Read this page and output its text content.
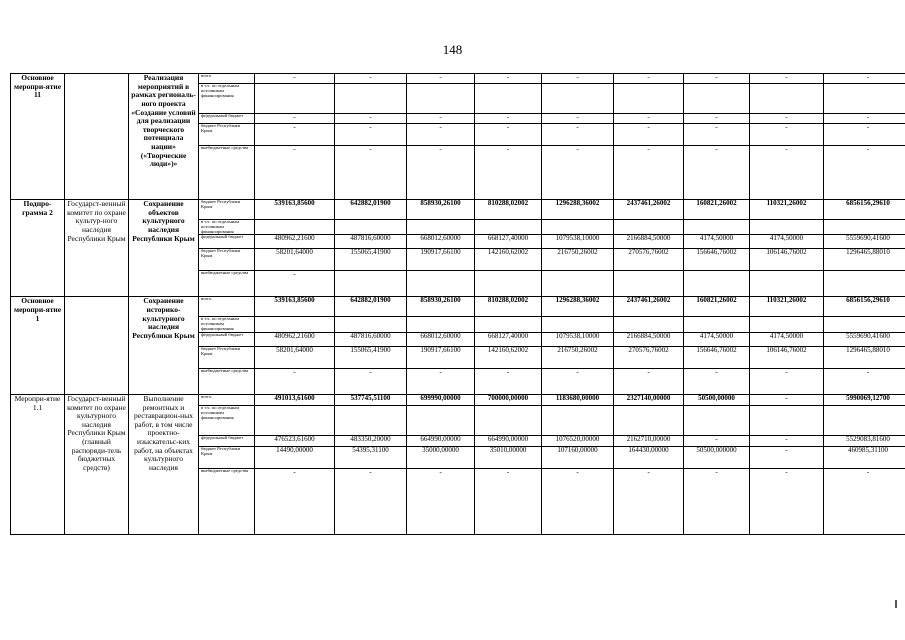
148
Основное меропри-ятие 11		Реализация мероприятий в рамках региональ-ного проекта «Создание условий для реализации творческого потенциала нации» («Творческие люди»)»	всего	-	-	-	-	-	-	-	-	-
			в т.ч. по отдельным источникам финансирования									
			федеральный бюджет	-	-	-	-	-	-	-	-	-
			бюджет Республики Крым	-	-	-	-	-	-	-	-	-
			внебюджетные средства	-	-	-	-	-	-	-	-	-
Подпро-грамма 2	Государст-венный комитет по охране культур-ного наследия Республики Крым	Сохранение объектов культурного наследия Республики Крым	бюджет Республики Крым	539163,85600	642882,01900	858930,26100	810288,02002	1296288,36002	2437461,26002	160821,26002	110321,26002	6856156,29610
			в т.ч. по отдельным источникам финансирования									
			федеральный бюджет	480962,21600	487816,60000	668012,60000	668127,40000	1079538,10000	2166884,50000	4174,50000	4174,50000	5559690,41600
			бюджет Республики Крым	58201,64000	155065,41900	190917,66100	142160,62002	216750,26002	270576,76002	156646,76002	106146,76002	1296465,88010
			внебюджетные средства	-								
Основное меропри-ятие 1		Сохранение историко-культурного наследия Республики Крым	всего,	539163,85600	642882,01900	858930,26100	810288,02002	1296288,36002	2437461,26002	160821,26002	110321,26002	6856156,29610
			в т.ч. по отдельным источникам финансирования									
			федеральный бюджет	480962,21600	487816,60000	668012,60000	668127,40000	1079538,10000	2166884,50000	4174,50000	4174,50000	5559690,41600
			бюджет Республики Крым	58201,64000	155065,41900	190917,66100	142160,62002	216750,26002	270576,76002	156646,76002	106146,76002	1296465,88010
			внебюджетные средства	-	-	-	-	-	-	-	-	-
Меропри-ятие 1.1	Государст-венный комитет по охране культурного наследия Республики Крым (главный распоряди-тель бюджетных средств)	Выполнение ремонтных и реставрацион-ных работ, в том числе проектно-изыскательс-ких работ, на объектах культурного наследия	всего,	491013,61600	537745,51100	699990,00000	700000,00000	1183680,00000	2327140,00000	50500,00000	-	5990069,12700
			в т.ч. по отдельным источникам финансирования									
			федеральный бюджет	476523,61600	483350,20000	664990,00000	664990,00000	1076520,00000	2162710,00000	-	-	5529083,81600
			бюджет Республики Крым	14490,00000	54395,31100	35000,00000	35010,00000	107160,00000	164430,00000	50500,000000	-	460985,31100
			внебюджетные средства	-	-	-	-	-	-	-	-	-
